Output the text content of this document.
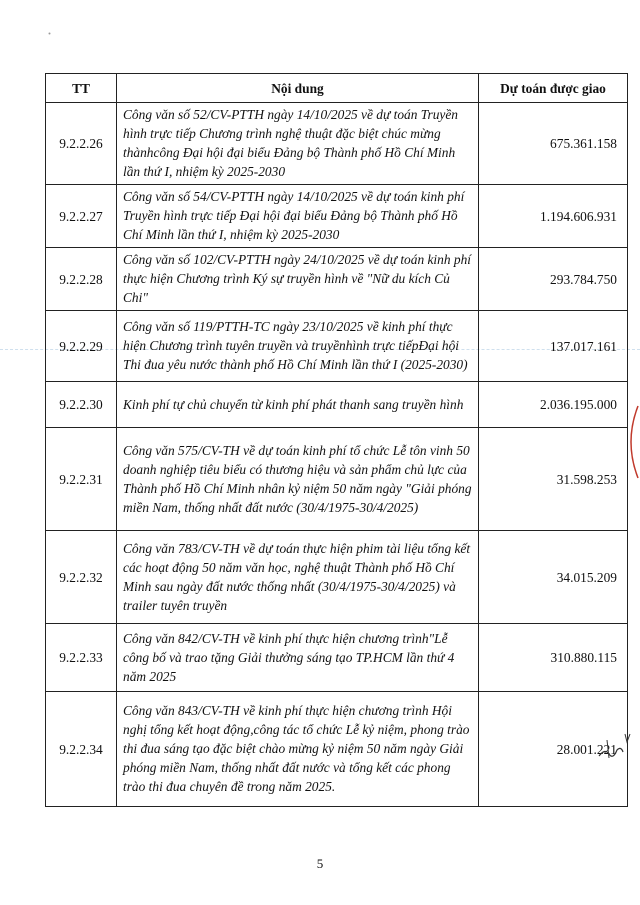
TT	Nội dung	Dự toán được giao
9.2.2.26	Công văn số 52/CV-PTTH ngày 14/10/2025 về dự toán Truyền hình trực tiếp Chương trình nghệ thuật đặc biệt chúc mừng thànhcông Đại hội đại biểu Đảng bộ Thành phố Hồ Chí Minh lần thứ I, nhiệm kỳ 2025-2030	675.361.158
9.2.2.27	Công văn số 54/CV-PTTH ngày 14/10/2025 về dự toán kinh phí Truyền hình trực tiếp Đại hội đại biểu Đảng bộ Thành phố Hồ Chí Minh lần thứ I, nhiệm kỳ 2025-2030	1.194.606.931
9.2.2.28	Công văn số 102/CV-PTTH ngày 24/10/2025 về dự toán kinh phí thực hiện Chương trình Ký sự truyền hình về "Nữ du kích Củ Chi"	293.784.750
9.2.2.29	Công văn số 119/PTTH-TC ngày 23/10/2025 về kinh phí thực hiện Chương trình tuyên truyền và truyềnhình trực tiếpĐại hội Thi đua yêu nước thành phố Hồ Chí Minh lần thứ I (2025-2030)	137.017.161
9.2.2.30	Kinh phí tự chủ chuyển từ kinh phí phát thanh sang truyền hình	2.036.195.000
9.2.2.31	Công văn 575/CV-TH về dự toán kinh phí tổ chức Lễ tôn vinh 50 doanh nghiệp tiêu biểu có thương hiệu và sản phẩm chủ lực của Thành phố Hồ Chí Minh nhân kỷ niệm 50 năm ngày "Giải phóng miền Nam, thống nhất đất nước (30/4/1975-30/4/2025)	31.598.253
9.2.2.32	Công văn 783/CV-TH về dự toán thực hiện phim tài liệu tổng kết các hoạt động 50 năm văn học, nghệ thuật Thành phố Hồ Chí Minh sau ngày đất nước thống nhất (30/4/1975-30/4/2025) và trailer tuyên truyền	34.015.209
9.2.2.33	Công văn 842/CV-TH về kinh phí thực hiện chương trình"Lễ công bố và trao tặng Giải thưởng sáng tạo TP.HCM lần thứ 4 năm 2025	310.880.115
9.2.2.34	Công văn 843/CV-TH về kinh phí thực hiện chương trình Hội nghị tổng kết hoạt động,công tác tổ chức Lễ kỷ niệm, phong trào thi đua sáng tạo đặc biệt chào mừng kỷ niệm 50 năm ngày Giải phóng miền Nam, thống nhất đất nước và tổng kết các phong trào thi đua chuyên đề trong năm 2025.	28.001.221
5
